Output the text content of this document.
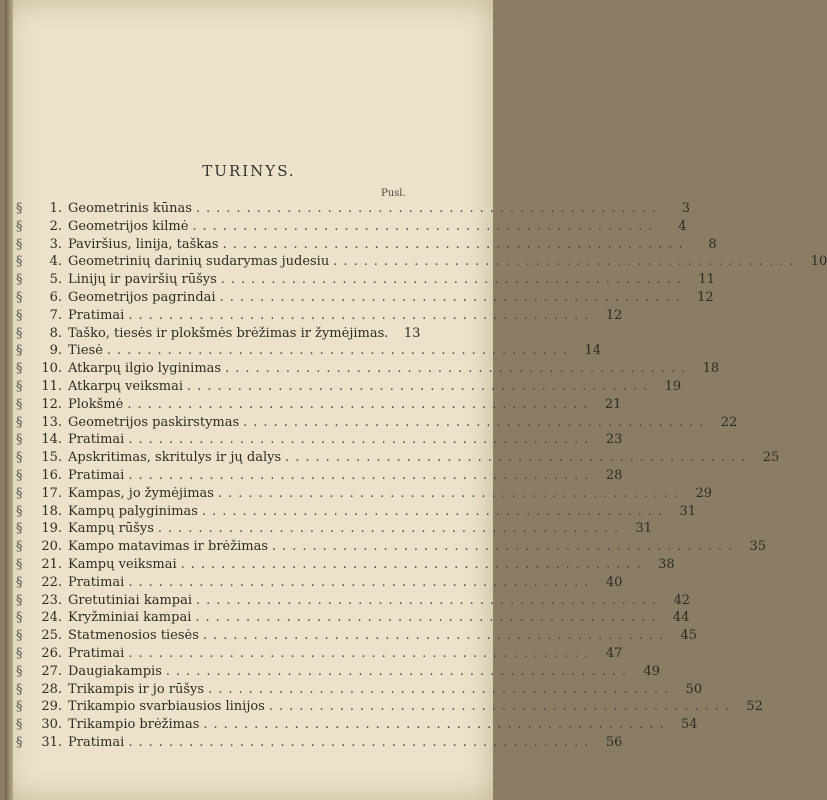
TURINYS.
Pusl.
§	1. Geometrinis kūnas ..............................................	3
§	2. Geometrijos kilmė ..............................................	4
§	3. Paviršius, linija, taškas ..............................................	8
§	4. Geometrinių darinių sudarymas judesiu .............................................. 10
§	5. Linijų ir paviršių rūšys .............................................. 11
§	6. Geometrijos pagrindai .............................................. 12
§	7. Pratimai .............................................. 12
§	8. Taško, tiesės ir plokšmės brėžimas ir žymėjimas.	13
§	9. Tiesė .............................................. 14
§	10. Atkarpų ilgio lyginimas .............................................. 18
§	11. Atkarpų veiksmai .............................................. 19
§	12. Plokšmė .............................................. 21
§	13. Geometrijos paskirstymas .............................................. 22
§	14. Pratimai .............................................. 23
§	15. Apskritimas, skritulys ir jų dalys .............................................. 25
§	16. Pratimai .............................................. 28
§	17. Kampas, jo žymėjimas .............................................. 29
§	18. Kampų palyginimas .............................................. 31
§	19. Kampų rūšys .............................................. 31
§	20. Kampo matavimas ir brėžimas .............................................. 35
§	21. Kampų veiksmai .............................................. 38
§	22. Pratimai .............................................. 40
§	23. Gretutiniai kampai .............................................. 42
§	24. Kryžminiai kampai .............................................. 44
§	25. Statmenosios tiesės .............................................. 45
§	26. Pratimai .............................................. 47
§	27. Daugiakampis .............................................. 49
§	28. Trikampis ir jo rūšys .............................................. 50
§	29. Trikampio svarbiausios linijos .............................................. 52
§	30. Trikampio brėžimas .............................................. 54
§	31. Pratimai .............................................. 56
